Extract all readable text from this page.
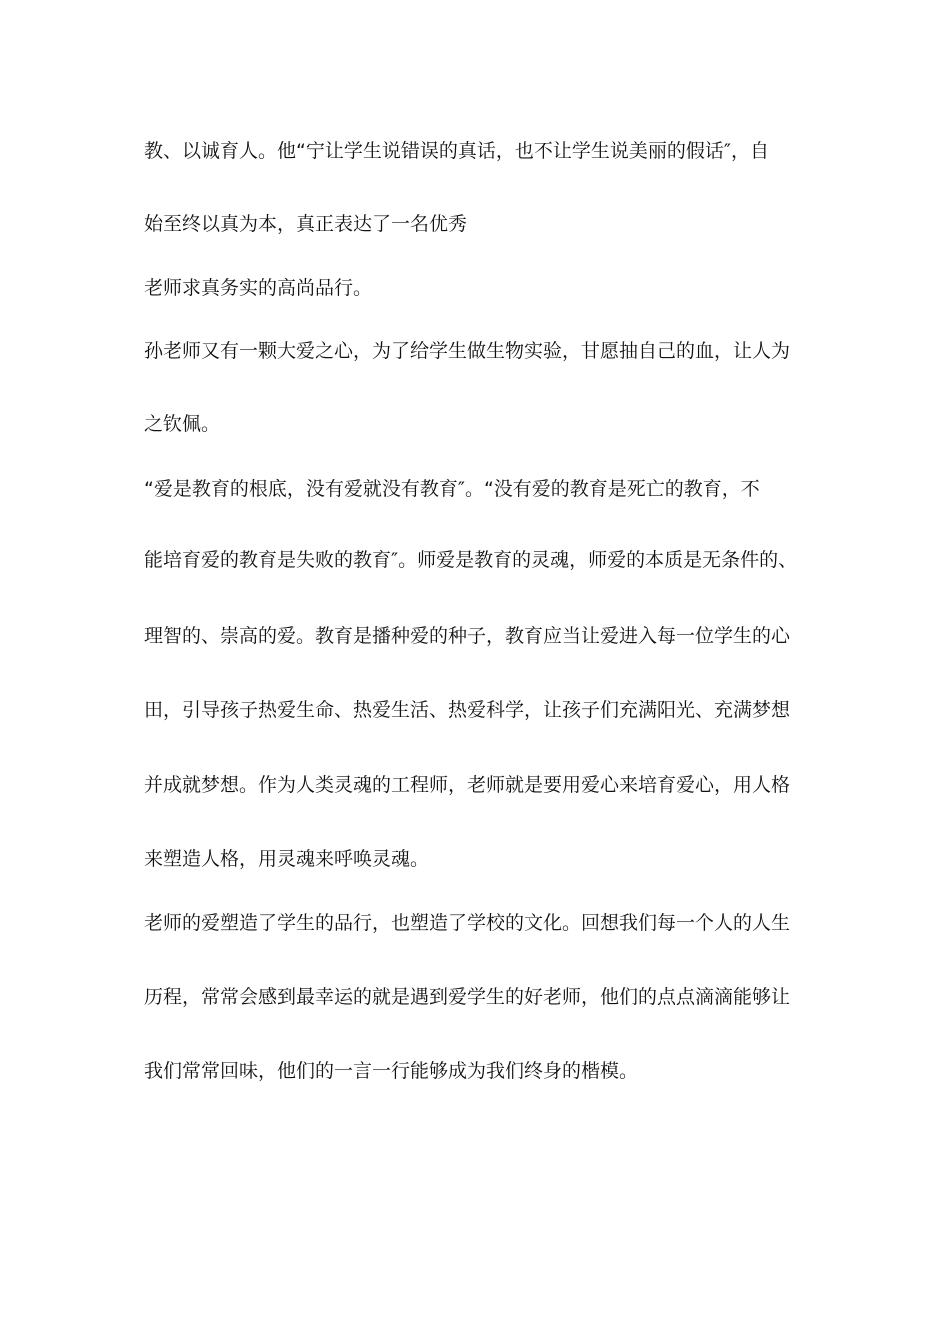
教、以诚育人。他“宁让学生说错误的真话，也不让学生说美丽的假话″，自
始至终以真为本，真正表达了一名优秀
老师求真务实的高尚品行。
孙老师又有一颗大爱之心，为了给学生做生物实验，甘愿抽自己的血，让人为
之钦佩。
“爱是教育的根底，没有爱就没有教育″。“没有爱的教育是死亡的教育，不
能培育爱的教育是失败的教育″。师爱是教育的灵魂，师爱的本质是无条件的、
理智的、崇高的爱。教育是播种爱的种子，教育应当让爱进入每一位学生的心
田，引导孩子热爱生命、热爱生活、热爱科学，让孩子们充满阳光、充满梦想
并成就梦想。作为人类灵魂的工程师，老师就是要用爱心来培育爱心，用人格
来塑造人格，用灵魂来呼唤灵魂。
老师的爱塑造了学生的品行，也塑造了学校的文化。回想我们每一个人的人生
历程，常常会感到最幸运的就是遇到爱学生的好老师，他们的点点滴滴能够让
我们常常回味，他们的一言一行能够成为我们终身的楷模。
